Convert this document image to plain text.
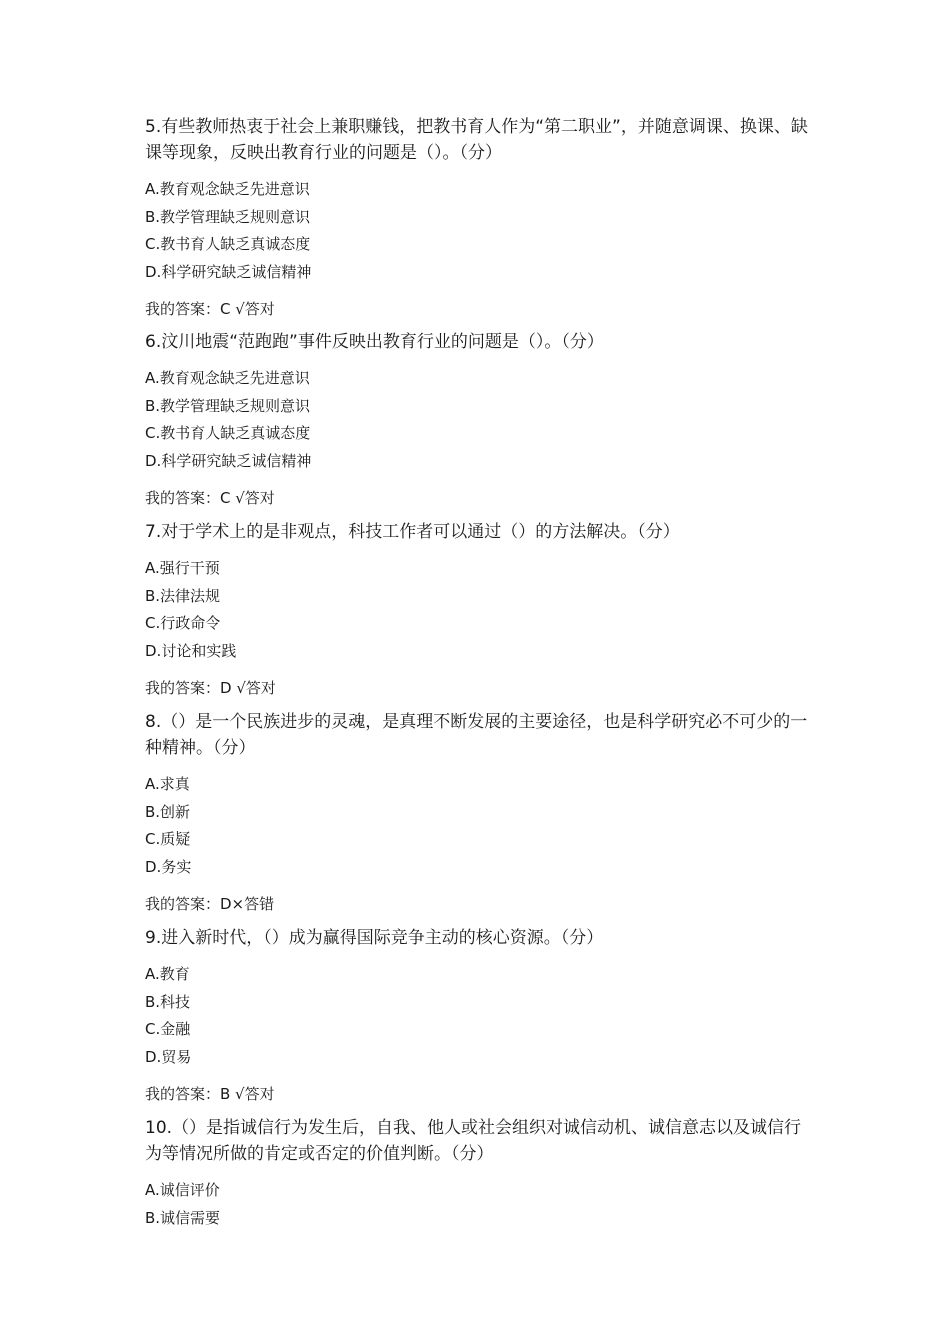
5.有些教师热衷于社会上兼职赚钱，把教书育人作为“第二职业”，并随意调课、换课、缺课等现象，反映出教育行业的问题是（）。（分）

A.教育观念缺乏先进意识
B.教学管理缺乏规则意识
C.教书育人缺乏真诚态度
D.科学研究缺乏诚信精神
我的答案：C √答对

6.汶川地震“范跑跑”事件反映出教育行业的问题是（）。（分）

A.教育观念缺乏先进意识
B.教学管理缺乏规则意识
C.教书育人缺乏真诚态度
D.科学研究缺乏诚信精神
我的答案：C √答对

7.对于学术上的是非观点，科技工作者可以通过（）的方法解决。（分）

A.强行干预
B.法律法规
C.行政命令
D.讨论和实践
我的答案：D √答对

8.（）是一个民族进步的灵魂，是真理不断发展的主要途径，也是科学研究必不可少的一种精神。（分）

A.求真
B.创新
C.质疑
D.务实
我的答案：D×答错

9.进入新时代，（）成为赢得国际竞争主动的核心资源。（分）

A.教育
B.科技
C.金融
D.贸易
我的答案：B √答对

10.（）是指诚信行为发生后，自我、他人或社会组织对诚信动机、诚信意志以及诚信行为等情况所做的肯定或否定的价值判断。（分）

A.诚信评价
B.诚信需要
